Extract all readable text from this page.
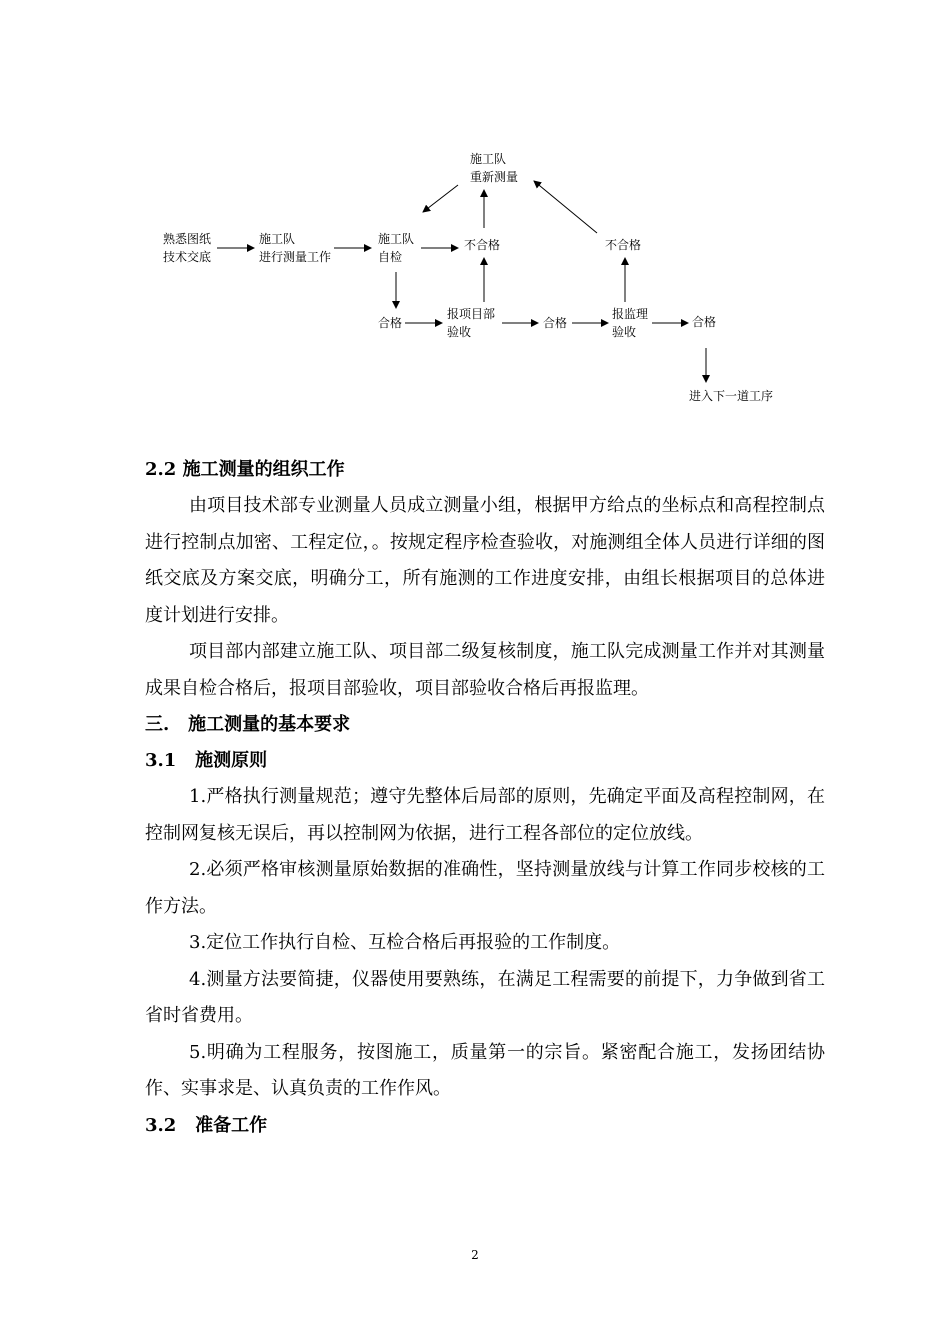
熟悉图纸
技术交底
施工队
进行测量工作
施工队
自检
不合格
施工队
重新测量
合格
报项目部
验收
合格
报监理
验收
不合格
合格
进入下一道工序

2.2 施工测量的组织工作

由项目技术部专业测量人员成立测量小组，根据甲方给点的坐标点和高程控制点进行控制点加密、工程定位，。按规定程序检查验收，对施测组全体人员进行详细的图纸交底及方案交底，明确分工，所有施测的工作进度安排，由组长根据项目的总体进度计划进行安排。

项目部内部建立施工队、项目部二级复核制度，施工队完成测量工作并对其测量成果自检合格后，报项目部验收，项目部验收合格后再报监理。

三.   施工测量的基本要求

3.1   施测原则

1.严格执行测量规范；遵守先整体后局部的原则，先确定平面及高程控制网，在控制网复核无误后，再以控制网为依据，进行工程各部位的定位放线。

2.必须严格审核测量原始数据的准确性，坚持测量放线与计算工作同步校核的工作方法。

3.定位工作执行自检、互检合格后再报验的工作制度。

4.测量方法要简捷，仪器使用要熟练，在满足工程需要的前提下，力争做到省工省时省费用。

5.明确为工程服务，按图施工，质量第一的宗旨。紧密配合施工，发扬团结协作、实事求是、认真负责的工作作风。

3.2   准备工作

2
